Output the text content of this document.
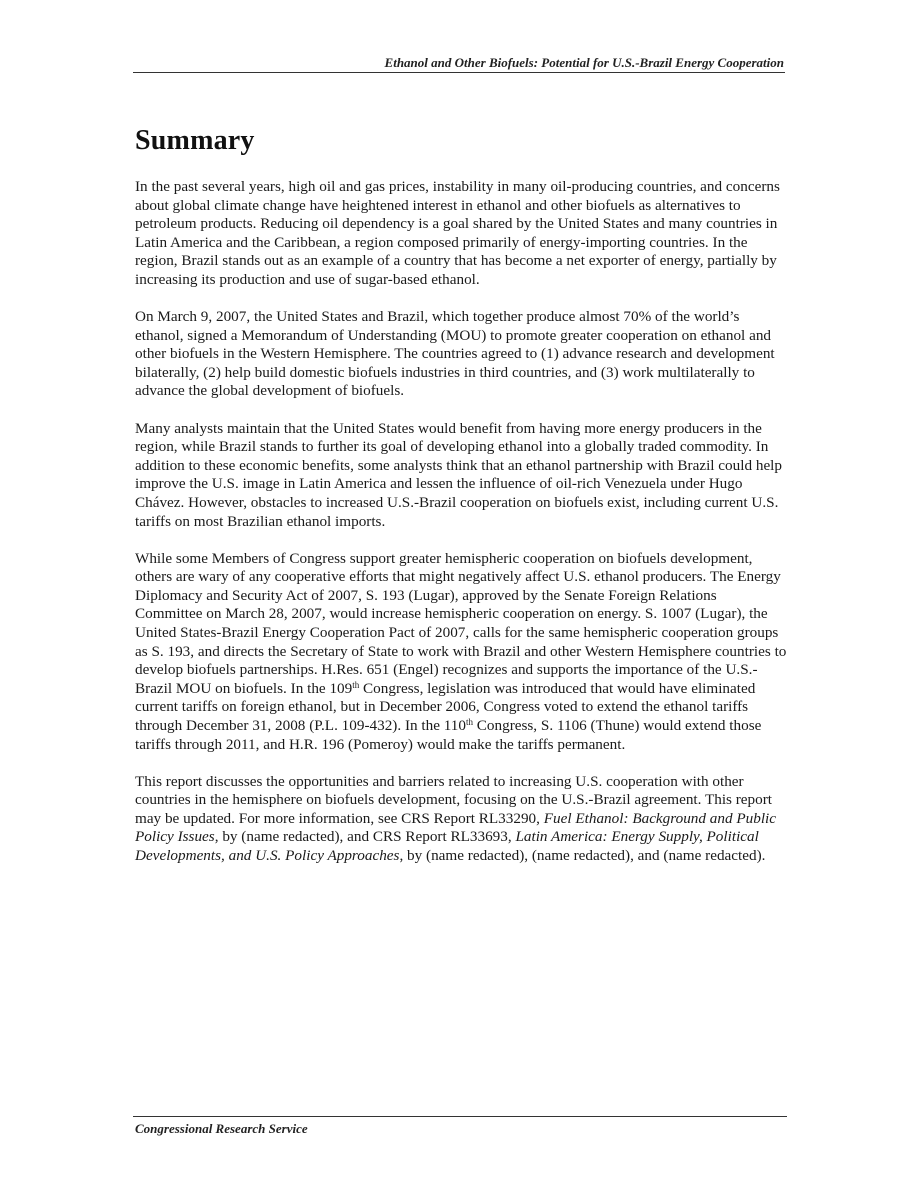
Ethanol and Other Biofuels: Potential for U.S.-Brazil Energy Cooperation
Summary

In the past several years, high oil and gas prices, instability in many oil-producing countries, and concerns about global climate change have heightened interest in ethanol and other biofuels as alternatives to petroleum products. Reducing oil dependency is a goal shared by the United States and many countries in Latin America and the Caribbean, a region composed primarily of energy-importing countries. In the region, Brazil stands out as an example of a country that has become a net exporter of energy, partially by increasing its production and use of sugar-based ethanol.

On March 9, 2007, the United States and Brazil, which together produce almost 70% of the world’s ethanol, signed a Memorandum of Understanding (MOU) to promote greater cooperation on ethanol and other biofuels in the Western Hemisphere. The countries agreed to (1) advance research and development bilaterally, (2) help build domestic biofuels industries in third countries, and (3) work multilaterally to advance the global development of biofuels.

Many analysts maintain that the United States would benefit from having more energy producers in the region, while Brazil stands to further its goal of developing ethanol into a globally traded commodity. In addition to these economic benefits, some analysts think that an ethanol partnership with Brazil could help improve the U.S. image in Latin America and lessen the influence of oil-rich Venezuela under Hugo Chávez. However, obstacles to increased U.S.-Brazil cooperation on biofuels exist, including current U.S. tariffs on most Brazilian ethanol imports.

While some Members of Congress support greater hemispheric cooperation on biofuels development, others are wary of any cooperative efforts that might negatively affect U.S. ethanol producers. The Energy Diplomacy and Security Act of 2007, S. 193 (Lugar), approved by the Senate Foreign Relations Committee on March 28, 2007, would increase hemispheric cooperation on energy. S. 1007 (Lugar), the United States-Brazil Energy Cooperation Pact of 2007, calls for the same hemispheric cooperation groups as S. 193, and directs the Secretary of State to work with Brazil and other Western Hemisphere countries to develop biofuels partnerships. H.Res. 651 (Engel) recognizes and supports the importance of the U.S.-Brazil MOU on biofuels. In the 109th Congress, legislation was introduced that would have eliminated current tariffs on foreign ethanol, but in December 2006, Congress voted to extend the ethanol tariffs through December 31, 2008 (P.L. 109-432). In the 110th Congress, S. 1106 (Thune) would extend those tariffs through 2011, and H.R. 196 (Pomeroy) would make the tariffs permanent.

This report discusses the opportunities and barriers related to increasing U.S. cooperation with other countries in the hemisphere on biofuels development, focusing on the U.S.-Brazil agreement. This report may be updated. For more information, see CRS Report RL33290, Fuel Ethanol: Background and Public Policy Issues, by (name redacted), and CRS Report RL33693, Latin America: Energy Supply, Political Developments, and U.S. Policy Approaches, by (name redacted), (name redacted), and (name redacted).

Congressional Research Service
